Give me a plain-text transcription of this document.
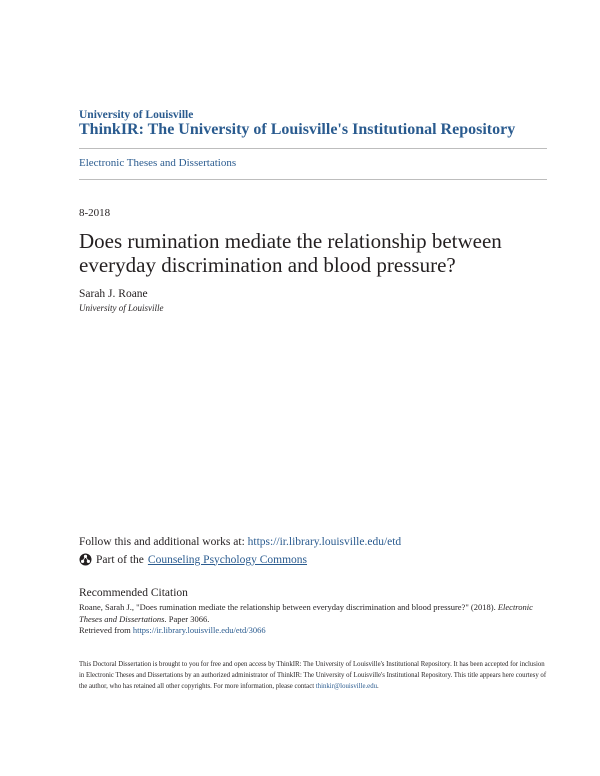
University of Louisville
ThinkIR: The University of Louisville's Institutional Repository
Electronic Theses and Dissertations
8-2018
Does rumination mediate the relationship between everyday discrimination and blood pressure?
Sarah J. Roane
University of Louisville
Follow this and additional works at: https://ir.library.louisville.edu/etd
Part of the Counseling Psychology Commons
Recommended Citation
Roane, Sarah J., "Does rumination mediate the relationship between everyday discrimination and blood pressure?" (2018). Electronic Theses and Dissertations. Paper 3066.
Retrieved from https://ir.library.louisville.edu/etd/3066
This Doctoral Dissertation is brought to you for free and open access by ThinkIR: The University of Louisville's Institutional Repository. It has been accepted for inclusion in Electronic Theses and Dissertations by an authorized administrator of ThinkIR: The University of Louisville's Institutional Repository. This title appears here courtesy of the author, who has retained all other copyrights. For more information, please contact thinkir@louisville.edu.
